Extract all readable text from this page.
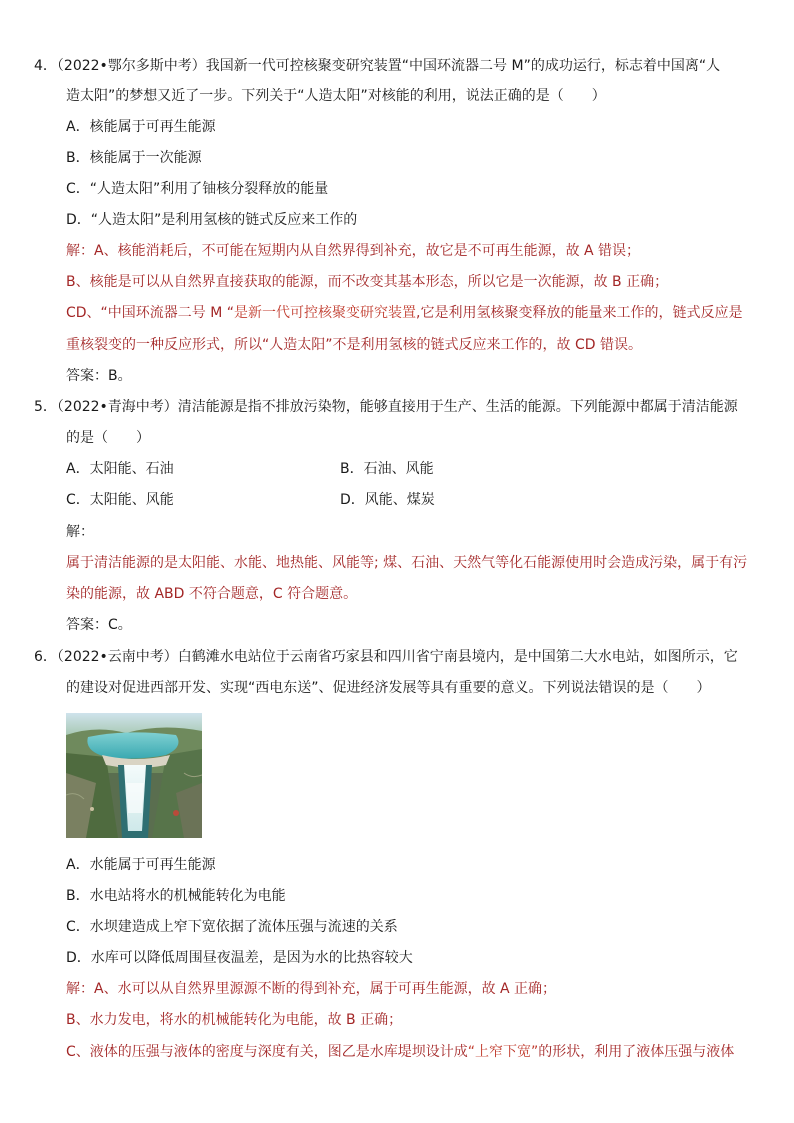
4．（2022•鄂尔多斯中考）我国新一代可控核聚变研究装置“中国环流器二号 M”的成功运行，标志着中国离“人
造太阳”的梦想又近了一步。下列关于“人造太阳”对核能的利用，说法正确的是（　　）
A．核能属于可再生能源
B．核能属于一次能源
C．“人造太阳”利用了铀核分裂释放的能量
D．“人造太阳”是利用氢核的链式反应来工作的
解：A、核能消耗后，不可能在短期内从自然界得到补充，故它是不可再生能源，故 A 错误；
B、核能是可以从自然界直接获取的能源，而不改变其基本形态，所以它是一次能源，故 B 正确；
CD、“中国环流器二号 M “是新一代可控核聚变研究装置,它是利用氢核聚变释放的能量来工作的，链式反应是
重核裂变的一种反应形式，所以“人造太阳”不是利用氢核的链式反应来工作的，故 CD 错误。
答案：B。
5．（2022•青海中考）清洁能源是指不排放污染物，能够直接用于生产、生活的能源。下列能源中都属于清洁能源
的是（　　）
A．太阳能、石油	B．石油、风能
C．太阳能、风能	D．风能、煤炭
解：
属于清洁能源的是太阳能、水能、地热能、风能等; 煤、石油、天然气等化石能源使用时会造成污染，属于有污
染的能源，故 ABD 不符合题意，C 符合题意。
答案：C。
6．（2022•云南中考）白鹤滩水电站位于云南省巧家县和四川省宁南县境内，是中国第二大水电站，如图所示，它
的建设对促进西部开发、实现“西电东送”、促进经济发展等具有重要的意义。下列说法错误的是（　　）
A．水能属于可再生能源
B．水电站将水的机械能转化为电能
C．水坝建造成上窄下宽依据了流体压强与流速的关系
D．水库可以降低周围昼夜温差，是因为水的比热容较大
解：A、水可以从自然界里源源不断的得到补充，属于可再生能源，故 A 正确；
B、水力发电，将水的机械能转化为电能，故 B 正确；
C、液体的压强与液体的密度与深度有关，图乙是水库堤坝设计成“上窄下宽”的形状，利用了液体压强与液体
